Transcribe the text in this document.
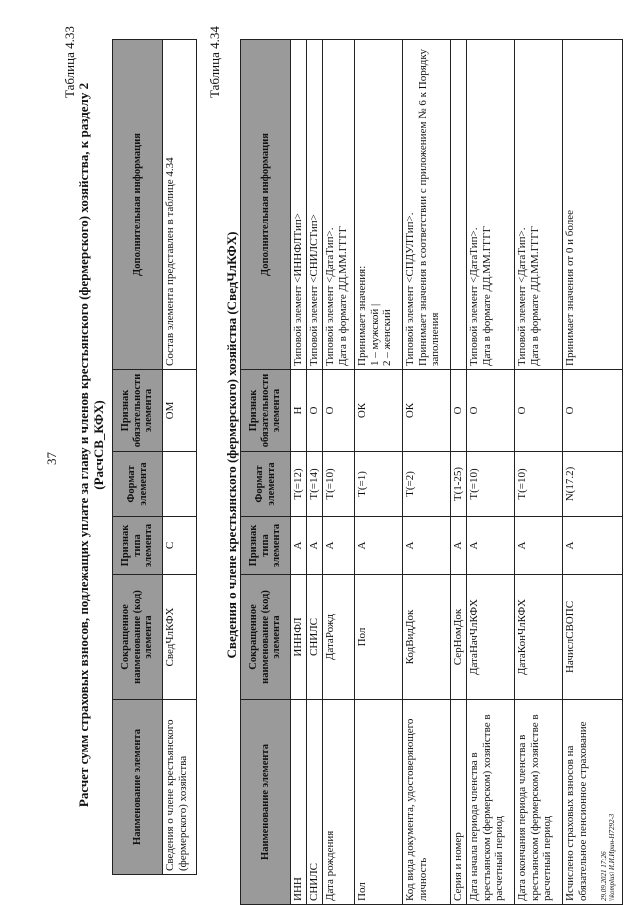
37
Таблица 4.33
Расчет сумм страховых взносов, подлежащих уплате за главу и членов крестьянского (фермерского) хозяйства, к разделу 2 (РасчСВ_КФХ)
Наименование элемента	Сокращенное наименование (код) элемента	Признак типа элемента	Формат элемента	Признак обязательности элемента	Дополнительная информация
Сведения о члене крестьянского (фермерского) хозяйства	СведЧлКФХ	С		ОМ	Состав элемента представлен в таблице 4.34
Таблица 4.34
Сведения о члене крестьянского (фермерского) хозяйства (СведЧлКФХ)
Наименование элемента	Сокращенное наименование (код) элемента	Признак типа элемента	Формат элемента	Признак обязательности элемента	Дополнительная информация
ИНН	ИННФЛ	А	T(=12)	Н	Типовой элемент <ИННФЛТип>

СНИЛС	СНИЛС	А	T(=14)	О	Типовой элемент <СНИЛСТип>

Дата рождения	ДатаРожд	А	T(=10)	О	Типовой элемент <ДатаТип>. Дата в формате ДД.ММ.ГГГГ

Пол	Пол	А	T(=1)	ОК	Принимает значения: 1 – мужской | 2 – женский

Код вида документа, удостоверяющего личность	КодВидДок	А	T(=2)	ОК	Типовой элемент <СПДУЛТип>. Принимает значения в соответствии с приложением № 6 к Порядку заполнения

Серия и номер	СерНомДок	А	T(1-25)	О	

Дата начала периода членства в крестьянском (фермерском) хозяйстве в расчетный период	ДатаНачЧлКФХ	А	T(=10)	О	Типовой элемент <ДатаТип>. Дата в формате ДД.ММ.ГГГГ

Дата окончания периода членства в крестьянском (фермерском) хозяйстве в расчетный период	ДатаКонЧлКФХ	А	T(=10)	О	Типовой элемент <ДатаТип>. Дата в формате ДД.ММ.ГГГГ

Исчислено страховых взносов на обязательное пенсионное страхование	НачислСВОПС	А	N(17.2)	О	Принимает значения от 0 и более
29.09.2021 17:26 \\komplus\ И.И.Ирин-H7292-3
